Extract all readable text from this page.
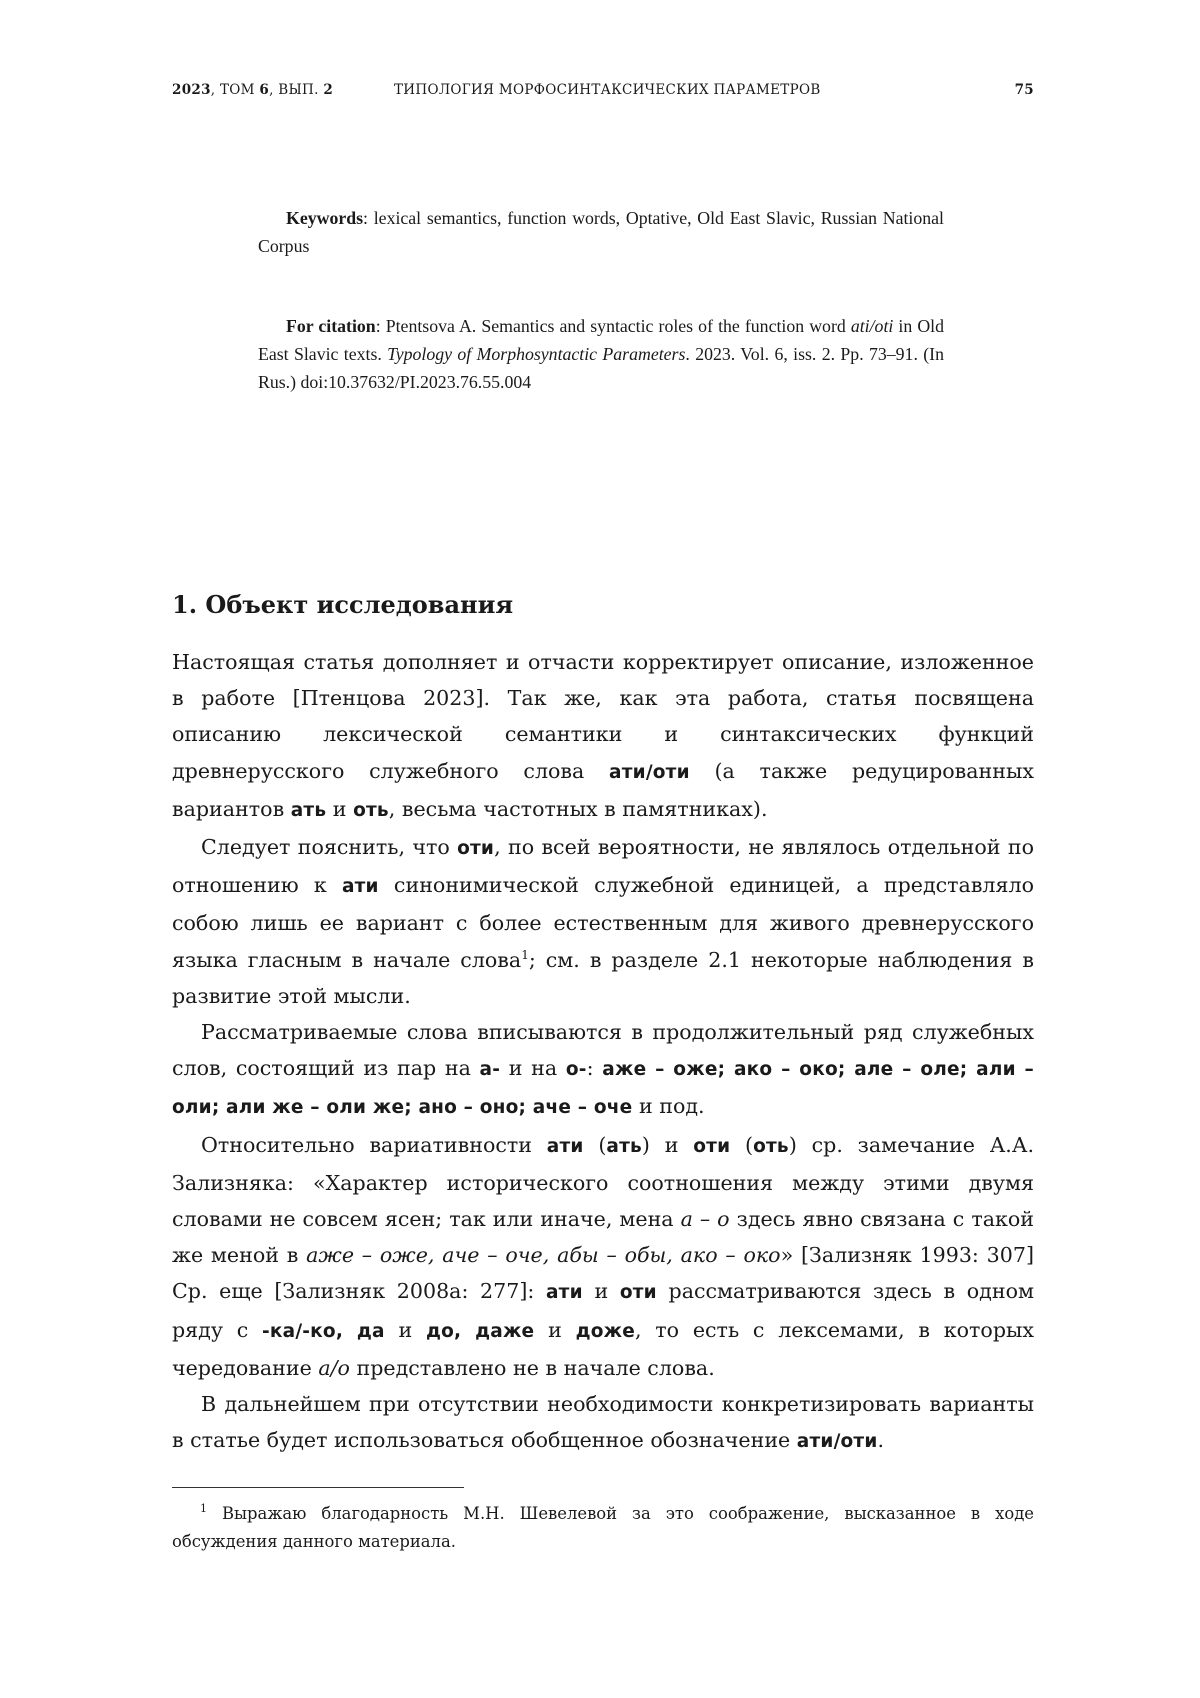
2023, ТОМ 6, ВЫП. 2	ТИПОЛОГИЯ МОРФОСИНТАКСИЧЕСКИХ ПАРАМЕТРОВ	75

Keywords: lexical semantics, function words, Optative, Old East Slavic, Russian National Corpus

For citation: Ptentsova A. Semantics and syntactic roles of the function word ati/oti in Old East Slavic texts. Typology of Morphosyntactic Parameters. 2023. Vol. 6, iss. 2. Pp. 73–91. (In Rus.) doi:10.37632/PI.2023.76.55.004

1. Объект исследования

Настоящая статья дополняет и отчасти корректирует описание, изложенное в работе [Птенцова 2023]. Так же, как эта работа, статья посвящена описанию лексической семантики и синтаксических функций древнерусского служебного слова ати/оти (а также редуцированных вариантов ать и оть, весьма частотных в памятниках).

Следует пояснить, что оти, по всей вероятности, не являлось отдельной по отношению к ати синонимической служебной единицей, а представляло собою лишь ее вариант с более естественным для живого древнерусского языка гласным в начале слова$^1$; см. в разделе 2.1 некоторые наблюдения в развитие этой мысли.

Рассматриваемые слова вписываются в продолжительный ряд служебных слов, состоящий из пар на а- и на о-: аже – оже; ако – око; але – оле; али – оли; али же – оли же; ано – оно; аче – оче и под.

Относительно вариативности ати (ать) и оти (оть) ср. замечание А.А. Зализняка: «Характер исторического соотношения между этими двумя словами не совсем ясен; так или иначе, мена а – о здесь явно связана с такой же меной в аже – оже, аче – оче, абы – обы, ако – око» [Зализняк 1993: 307] Ср. еще [Зализняк 2008а: 277]: ати и оти рассматриваются здесь в одном ряду с -ка/-ко, да и до, даже и доже, то есть с лексемами, в которых чередование а/о представлено не в начале слова.

В дальнейшем при отсутствии необходимости конкретизировать варианты в статье будет использоваться обобщенное обозначение ати/оти.

$^1$ Выражаю благодарность М.Н. Шевелевой за это соображение, высказанное в ходе обсуждения данного материала.
